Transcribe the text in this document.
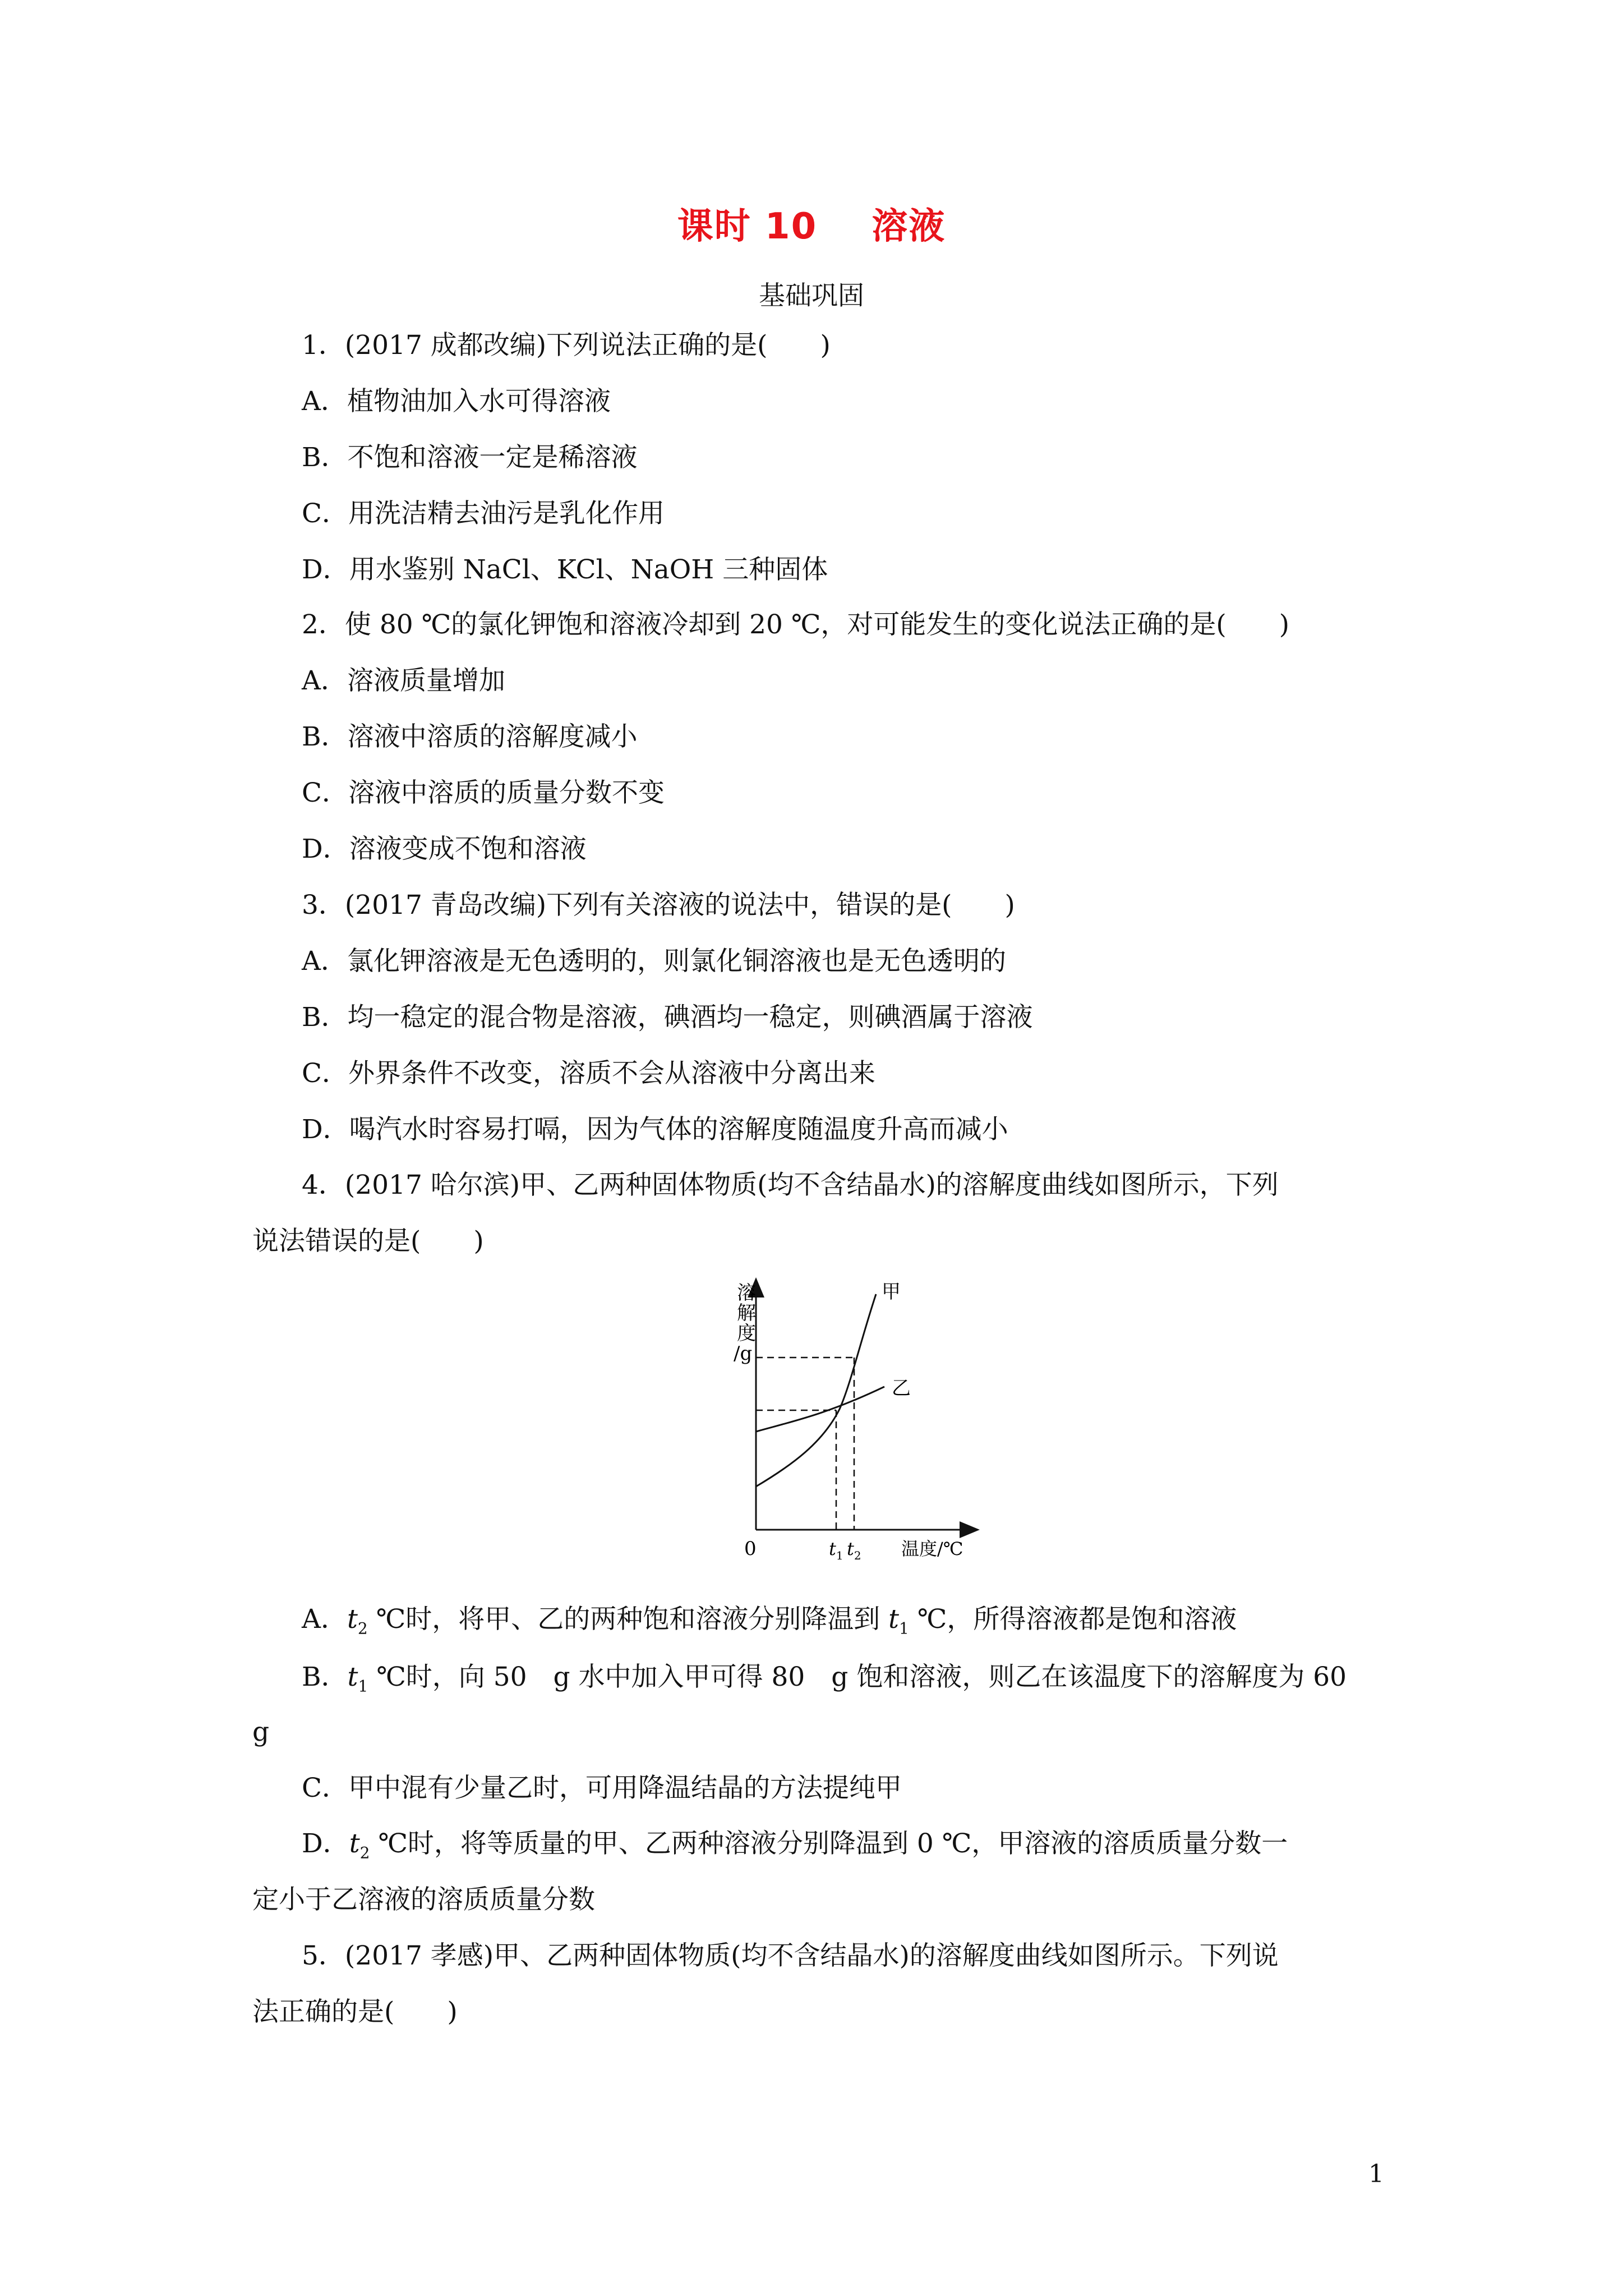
课时 10    溶液
基础巩固
1．(2017 成都改编)下列说法正确的是(　　)
A．植物油加入水可得溶液
B．不饱和溶液一定是稀溶液
C．用洗洁精去油污是乳化作用
D．用水鉴别 NaCl、KCl、NaOH 三种固体
2．使 80 ℃的氯化钾饱和溶液冷却到 20 ℃，对可能发生的变化说法正确的是(　　)
A．溶液质量增加
B．溶液中溶质的溶解度减小
C．溶液中溶质的质量分数不变
D．溶液变成不饱和溶液
3．(2017 青岛改编)下列有关溶液的说法中，错误的是(　　)
A．氯化钾溶液是无色透明的，则氯化铜溶液也是无色透明的
B．均一稳定的混合物是溶液，碘酒均一稳定，则碘酒属于溶液
C．外界条件不改变，溶质不会从溶液中分离出来
D．喝汽水时容易打嗝，因为气体的溶解度随温度升高而减小
4．(2017 哈尔滨)甲、乙两种固体物质(均不含结晶水)的溶解度曲线如图所示，下列
说法错误的是(　　)
溶
解
度
/g
甲
乙
0	$t_1$ $t_2$ 温度/℃
A．$t_2$ ℃时，将甲、乙的两种饱和溶液分别降温到 $t_1$ ℃，所得溶液都是饱和溶液
B．$t_1$ ℃时，向 50　g 水中加入甲可得 80　g 饱和溶液，则乙在该温度下的溶解度为 60
g
C．甲中混有少量乙时，可用降温结晶的方法提纯甲
D．$t_2$ ℃时，将等质量的甲、乙两种溶液分别降温到 0 ℃，甲溶液的溶质质量分数一
定小于乙溶液的溶质质量分数
5．(2017 孝感)甲、乙两种固体物质(均不含结晶水)的溶解度曲线如图所示。下列说
法正确的是(　　)
1
